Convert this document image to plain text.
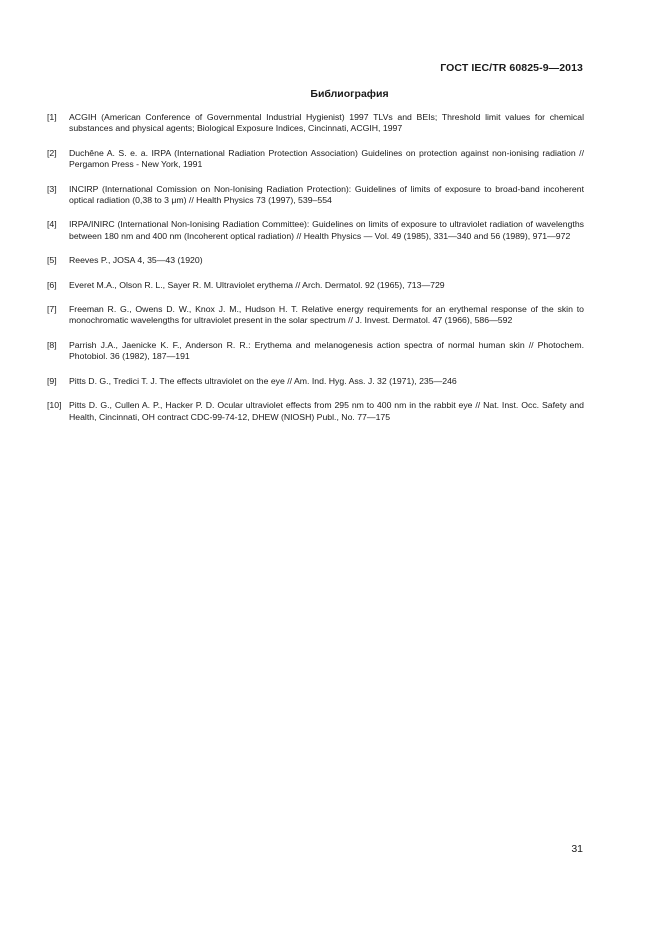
ГОСТ IEC/TR 60825-9—2013
Библиография
[1]	ACGIH (American Conference of Governmental Industrial Hygienist) 1997 TLVs and BEIs; Threshold limit values for chemical substances and physical agents; Biological Exposure Indices, Cincinnati, ACGIH, 1997
[2]	Duchêne A. S. e. a. IRPA (International Radiation Protection Association) Guidelines on protection against non-ionising radiation // Pergamon Press - New York, 1991
[3]	INCIRP (International Comission on Non-Ionising Radiation Protection): Guidelines of limits of exposure to broad-band incoherent optical radiation (0,38 to 3 μm) // Health Physics 73 (1997), 539–554
[4]	IRPA/INIRC (International Non-Ionising Radiation Committee): Guidelines on limits of exposure to ultraviolet radiation of wavelengths between 180 nm and 400 nm (Incoherent optical radiation) // Health Physics — Vol. 49 (1985), 331—340 and 56 (1989), 971—972
[5]	Reeves P., JOSA 4, 35—43 (1920)
[6]	Everet M.A., Olson R. L., Sayer R. M. Ultraviolet erythema // Arch. Dermatol. 92 (1965), 713—729
[7]	Freeman R. G., Owens D. W., Knox J. M., Hudson H. T. Relative energy requirements for an erythemal response of the skin to monochromatic wavelengths for ultraviolet present in the solar spectrum // J. Invest. Dermatol. 47 (1966), 586—592
[8]	Parrish J.A., Jaenicke K. F., Anderson R. R.: Erythema and melanogenesis action spectra of normal human skin // Photochem. Photobiol. 36 (1982), 187—191
[9]	Pitts D. G., Tredici T. J. The effects ultraviolet on the eye // Am. Ind. Hyg. Ass. J. 32 (1971), 235—246
[10] Pitts D. G., Cullen A. P., Hacker P. D. Ocular ultraviolet effects from 295 nm to 400 nm in the rabbit eye // Nat. Inst. Occ. Safety and Health, Cincinnati, OH contract CDC-99-74-12, DHEW (NIOSH) Publ., No. 77—175
31
